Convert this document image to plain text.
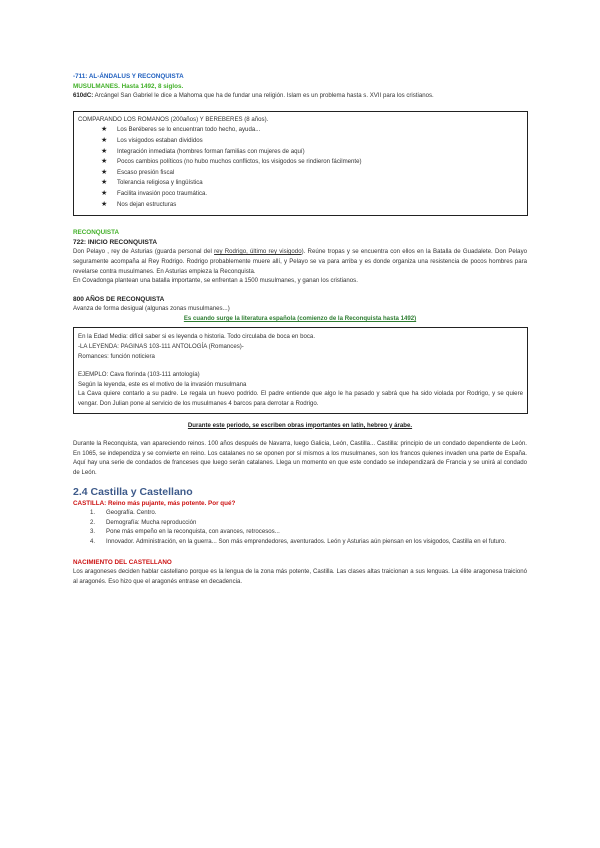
-711: AL-ÁNDALUS Y RECONQUISTA

MUSULMANES. Hasta 1492, 8 siglos.

610dC: Arcángel San Gabriel le dice a Mahoma que ha de fundar una religión. Islam es un problema hasta s. XVII para los cristianos.

COMPARANDO LOS ROMANOS (200años) Y BEREBERES (8 años).

★ Los Beréberes se lo encuentran todo hecho, ayuda...
★ Los visigodos estaban divididos
★ Integración inmediata (hombres forman familias con mujeres de aquí)
★ Pocos cambios políticos (no hubo muchos conflictos, los visigodos se rindieron fácilmente)
★ Escaso presión fiscal
★ Tolerancia religiosa y lingüística
★ Facilita invasión poco traumática.
★ Nos dejan estructuras

RECONQUISTA

722: INICIO RECONQUISTA

Don Pelayo , rey de Asturias (guarda personal del rey Rodrigo, último rey visigodo). Reúne tropas y se encuentra con ellos en la Batalla de Guadalete. Don Pelayo seguramente acompaña al Rey Rodrigo. Rodrigo probablemente muere allí, y Pelayo se va para arriba y es donde organiza una resistencia de pocos hombres para revelarse contra musulmanes. En Asturias empieza la Reconquista.

En Covadonga plantean una batalla importante, se enfrentan a 1500 musulmanes, y ganan los cristianos.

800 AÑOS DE RECONQUISTA

Avanza de forma desigual (algunas zonas musulmanes...)

Es cuando surge la literatura española (comienzo de la Reconquista hasta 1492)

En la Edad Media: difícil saber si es leyenda o historia. Todo circulaba de boca en boca.

-LA LEYENDA: PAGINAS 103-111 ANTOLOGÍA (Romances)-

Romances: función noticiera

EJEMPLO: Cava florinda (103-111 antología)

Según la leyenda, este es el motivo de la invasión musulmana

La Cava quiere contarlo a su padre. Le regala un huevo podrido. El padre entiende que algo le ha pasado y sabrá que ha sido violada por Rodrigo, y se quiere vengar. Don Julian pone al servicio de los musulmanes 4 barcos para derrotar a Rodrigo.

Durante este periodo, se escriben obras importantes en latín, hebreo y árabe.

Durante la Reconquista, van apareciendo reinos. 100 años después de Navarra, luego Galicia, León, Castilla... Castilla: principio de un condado dependiente de León. En 1065, se independiza y se convierte en reino. Los catalanes no se oponen por sí mismos a los musulmanes, son los francos quienes invaden una parte de España. Aquí hay una serie de condados de franceses que luego serán catalanes. Llega un momento en que este condado se independizará de Francia y se unirá al condado de León.

2.4 Castilla y Castellano

CASTILLA: Reino más pujante, más potente. Por qué?

1. Geografía. Centro.
2. Demografía: Mucha reproducción
3. Pone más empeño en la reconquista, con avances, retrocesos...
4. Innovador. Administración, en la guerra... Son más emprendedores, aventurados. León y Asturias aún piensan en los visigodos, Castilla en el futuro.

NACIMIENTO DEL CASTELLANO

Los aragoneses deciden hablar castellano porque es la lengua de la zona más potente, Castilla. Las clases altas traicionan a sus lenguas. La élite aragonesa traicionó al aragonés. Eso hizo que el aragonés entrase en decadencia.
